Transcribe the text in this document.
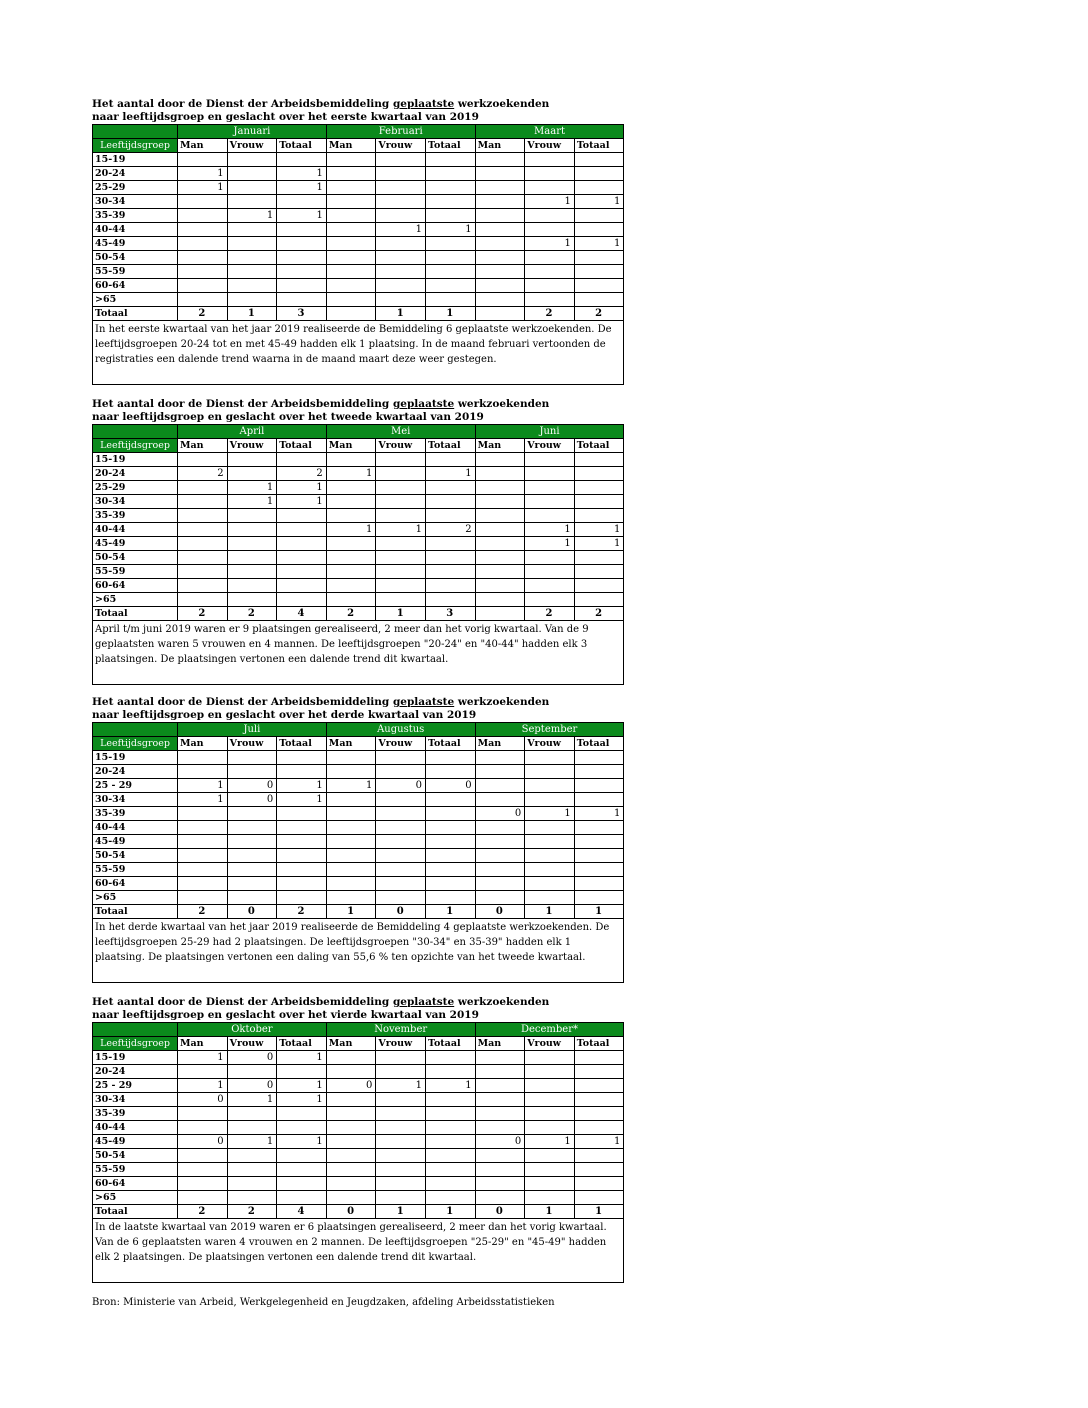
Het aantal door de Dienst der Arbeidsbemiddeling geplaatste werkzoekenden
naar leeftijdsgroep en geslacht over het eerste kwartaal van 2019
	Januari			Februari			Maart		
Leeftijdsgroep	Man	Vrouw	Totaal	Man	Vrouw	Totaal	Man	Vrouw	Totaal
15-19									
20-24	1		1						
25-29	1		1						
30-34								1	1
35-39		1	1						
40-44					1	1			
45-49								1	1
50-54									
55-59									
60-64									
>65									
Totaal	2	1	3		1	1		2	2
In het eerste kwartaal van het jaar 2019 realiseerde de Bemiddeling 6 geplaatste werkzoekenden. De leeftijdsgroepen 20-24 tot en met 45-49 hadden elk 1 plaatsing. In de maand februari vertoonden de registraties een dalende trend waarna in de maand maart deze weer gestegen.
Het aantal door de Dienst der Arbeidsbemiddeling geplaatste werkzoekenden
naar leeftijdsgroep en geslacht over het tweede kwartaal van 2019
	April			Mei			Juni		
Leeftijdsgroep	Man	Vrouw	Totaal	Man	Vrouw	Totaal	Man	Vrouw	Totaal
15-19									
20-24	2		2	1		1			
25-29		1	1						
30-34		1	1						
35-39									
40-44				1	1	2		1	1
45-49								1	1
50-54									
55-59									
60-64									
>65									
Totaal	2	2	4	2	1	3		2	2
April t/m juni 2019 waren er 9 plaatsingen gerealiseerd, 2 meer dan het vorig kwartaal. Van de 9 geplaatsten waren 5 vrouwen en 4 mannen. De leeftijdsgroepen "20-24" en "40-44" hadden elk 3 plaatsingen. De plaatsingen vertonen een dalende trend dit kwartaal.
Het aantal door de Dienst der Arbeidsbemiddeling geplaatste werkzoekenden
naar leeftijdsgroep en geslacht over het derde kwartaal van 2019
	Juli			Augustus			September		
Leeftijdsgroep	Man	Vrouw	Totaal	Man	Vrouw	Totaal	Man	Vrouw	Totaal
15-19									
20-24									
25 - 29	1	0	1	1	0	0			
30-34	1	0	1						
35-39							0	1	1
40-44									
45-49									
50-54									
55-59									
60-64									
>65									
Totaal	2	0	2	1	0	1	0	1	1
In het derde kwartaal van het jaar 2019 realiseerde de Bemiddeling 4 geplaatste werkzoekenden. De leeftijdsgroepen 25-29 had 2 plaatsingen. De leeftijdsgroepen "30-34" en 35-39" hadden elk 1 plaatsing. De plaatsingen vertonen een daling van 55,6 % ten opzichte van het tweede kwartaal.
Het aantal door de Dienst der Arbeidsbemiddeling geplaatste werkzoekenden
naar leeftijdsgroep en geslacht over het vierde kwartaal van 2019
	Oktober			November			December*		
Leeftijdsgroep	Man	Vrouw	Totaal	Man	Vrouw	Totaal	Man	Vrouw	Totaal
15-19	1	0	1						
20-24									
25 - 29	1	0	1	0	1	1			
30-34	0	1	1						
35-39									
40-44									
45-49	0	1	1				0	1	1
50-54									
55-59									
60-64									
>65									
Totaal	2	2	4	0	1	1	0	1	1
In de laatste kwartaal van 2019 waren er 6 plaatsingen gerealiseerd, 2 meer dan het vorig kwartaal. Van de 6 geplaatsten waren 4 vrouwen en 2 mannen. De leeftijdsgroepen "25-29" en "45-49" hadden elk 2 plaatsingen. De plaatsingen vertonen een dalende trend dit kwartaal.
Bron: Ministerie van Arbeid, Werkgelegenheid en Jeugdzaken, afdeling Arbeidsstatistieken
